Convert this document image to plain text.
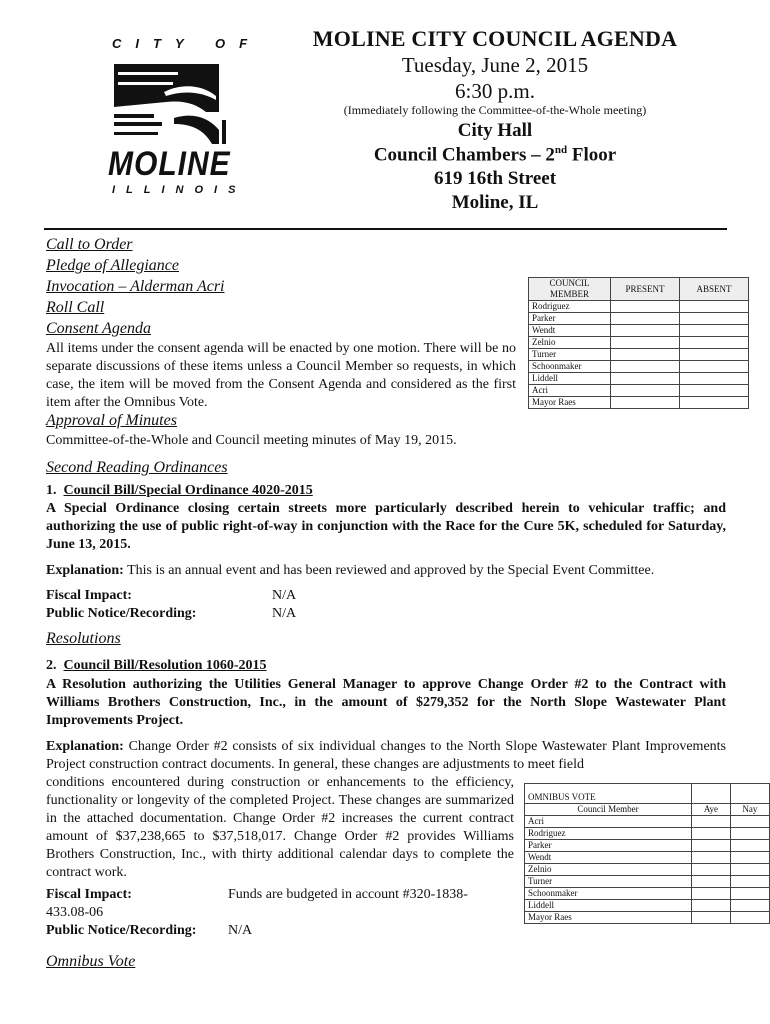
CITY OF
MOLINE
ILLINOIS
MOLINE CITY COUNCIL AGENDA
Tuesday, June 2, 2015
6:30 p.m.
(Immediately following the Committee-of-the-Whole meeting)
City Hall
Council Chambers – 2nd Floor
619 16th Street
Moline, IL
Call to Order
Pledge of Allegiance
Invocation – Alderman Acri
Roll Call
Consent Agenda
All items under the consent agenda will be enacted by one motion. There will be no separate discussions of these items unless a Council Member so requests, in which case, the item will be moved from the Consent Agenda and considered as the first item after the Omnibus Vote.
Approval of Minutes
Committee-of-the-Whole and Council meeting minutes of May 19, 2015.
COUNCIL MEMBER	PRESENT	ABSENT
Rodriguez		
Parker		
Wendt		
Zelnio		
Turner		
Schoonmaker		
Liddell		
Acri		
Mayor Raes		
Second Reading Ordinances
1. Council Bill/Special Ordinance 4020-2015
A Special Ordinance closing certain streets more particularly described herein to vehicular traffic; and authorizing the use of public right-of-way in conjunction with the Race for the Cure 5K, scheduled for Saturday, June 13, 2015.
Explanation: This is an annual event and has been reviewed and approved by the Special Event Committee.
Fiscal Impact:	N/A
Public Notice/Recording:	N/A
Resolutions
2. Council Bill/Resolution 1060-2015
A Resolution authorizing the Utilities General Manager to approve Change Order #2 to the Contract with Williams Brothers Construction, Inc., in the amount of $279,352 for the North Slope Wastewater Plant Improvements Project.
Explanation: Change Order #2 consists of six individual changes to the North Slope Wastewater Plant Improvements Project construction contract documents. In general, these changes are adjustments to meet field
conditions encountered during construction or enhancements to the efficiency, functionality or longevity of the completed Project. These changes are summarized in the attached documentation. Change Order #2 increases the current contract amount of $37,238,665 to $37,518,017. Change Order #2 provides Williams Brothers Construction, Inc., with thirty additional calendar days to complete the contract work.
Fiscal Impact:	Funds are budgeted in account #320-1838-
433.08-06
Public Notice/Recording: N/A
OMNIBUS VOTE		
Council Member	Aye	Nay
Acri		
Rodriguez		
Parker		
Wendt		
Zelnio		
Turner		
Schoonmaker		
Liddell		
Mayor Raes		
Omnibus Vote
